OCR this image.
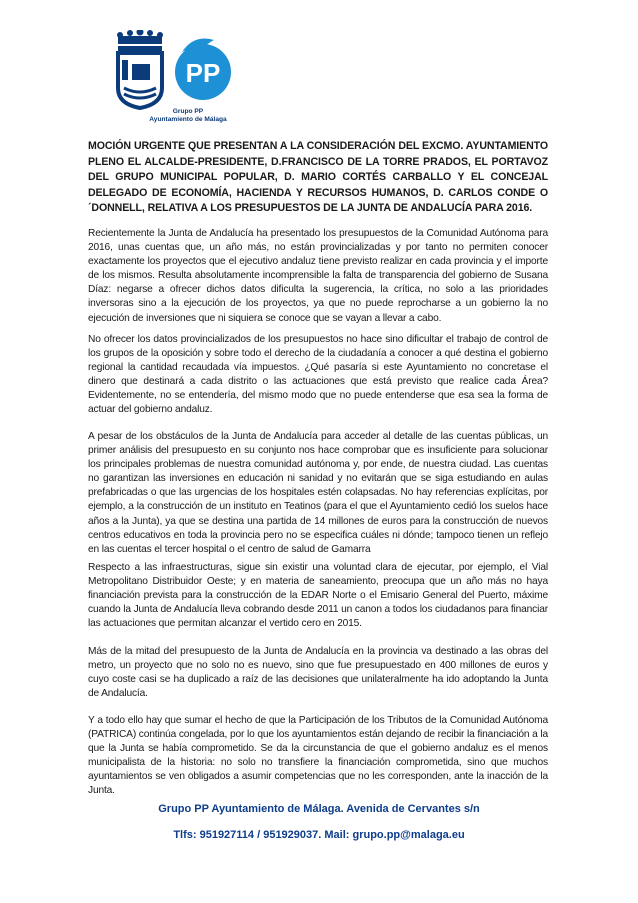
PP
Grupo PP
Ayuntamiento de Málaga
MOCIÓN URGENTE QUE PRESENTAN A LA CONSIDERACIÓN DEL EXCMO. AYUNTAMIENTO PLENO EL ALCALDE-PRESIDENTE, D.FRANCISCO DE LA TORRE PRADOS, EL PORTAVOZ DEL GRUPO MUNICIPAL POPULAR, D. MARIO CORTÉS CARBALLO Y EL CONCEJAL DELEGADO DE ECONOMÍA, HACIENDA Y RECURSOS HUMANOS, D. CARLOS CONDE O´DONNELL, RELATIVA A LOS PRESUPUESTOS DE LA JUNTA DE ANDALUCÍA PARA 2016.

Recientemente la Junta de Andalucía ha presentado los presupuestos de la Comunidad Autónoma para 2016, unas cuentas que, un año más, no están provincializadas y por tanto no permiten conocer exactamente los proyectos que el ejecutivo andaluz tiene previsto realizar en cada provincia y el importe de los mismos. Resulta absolutamente incomprensible la falta de transparencia del gobierno de Susana Díaz: negarse a ofrecer dichos datos dificulta la sugerencia, la crítica, no solo a las prioridades inversoras sino a la ejecución de los proyectos, ya que no puede reprocharse a un gobierno la no ejecución de inversiones que ni siquiera se conoce que se vayan a llevar a cabo.

No ofrecer los datos provincializados de los presupuestos no hace sino dificultar el trabajo de control de los grupos de la oposición y sobre todo el derecho de la ciudadanía a conocer a qué destina el gobierno regional la cantidad recaudada vía impuestos. ¿Qué pasaría si este Ayuntamiento no concretase el dinero que destinará a cada distrito o las actuaciones que está previsto que realice cada Área? Evidentemente, no se entendería, del mismo modo que no puede entenderse que esa sea la forma de actuar del gobierno andaluz.

A pesar de los obstáculos de la Junta de Andalucía para acceder al detalle de las cuentas públicas, un primer análisis del presupuesto en su conjunto nos hace comprobar que es insuficiente para solucionar los principales problemas de nuestra comunidad autónoma y, por ende, de nuestra ciudad. Las cuentas no garantizan las inversiones en educación ni sanidad y no evitarán que se siga estudiando en aulas prefabricadas o que las urgencias de los hospitales estén colapsadas. No hay referencias explícitas, por ejemplo, a la construcción de un instituto en Teatinos (para el que el Ayuntamiento cedió los suelos hace años a la Junta), ya que se destina una partida de 14 millones de euros para la construcción de nuevos centros educativos en toda la provincia pero no se especifica cuáles ni dónde; tampoco tienen un reflejo en las cuentas el tercer hospital o el centro de salud de Gamarra

Respecto a las infraestructuras, sigue sin existir una voluntad clara de ejecutar, por ejemplo, el Vial Metropolitano Distribuidor Oeste; y en materia de saneamiento, preocupa que un año más no haya financiación prevista para la construcción de la EDAR Norte o el Emisario General del Puerto, máxime cuando la Junta de Andalucía lleva cobrando desde 2011 un canon a todos los ciudadanos para financiar las actuaciones que permitan alcanzar el vertido cero en 2015.

Más de la mitad del presupuesto de la Junta de Andalucía en la provincia va destinado a las obras del metro, un proyecto que no solo no es nuevo, sino que fue presupuestado en 400 millones de euros y cuyo coste casi se ha duplicado a raíz de las decisiones que unilateralmente ha ido adoptando la Junta de Andalucía.

Y a todo ello hay que sumar el hecho de que la Participación de los Tributos de la Comunidad Autónoma (PATRICA) continúa congelada, por lo que los ayuntamientos están dejando de recibir la financiación a la que la Junta se había comprometido. Se da la circunstancia de que el gobierno andaluz es el menos municipalista de la historia: no solo no transfiere la financiación comprometida, sino que muchos ayuntamientos se ven obligados a asumir competencias que no les corresponden, ante la inacción de la Junta.

Grupo PP Ayuntamiento de Málaga. Avenida de Cervantes s/n
Tlfs: 951927114 / 951929037. Mail: grupo.pp@malaga.eu
